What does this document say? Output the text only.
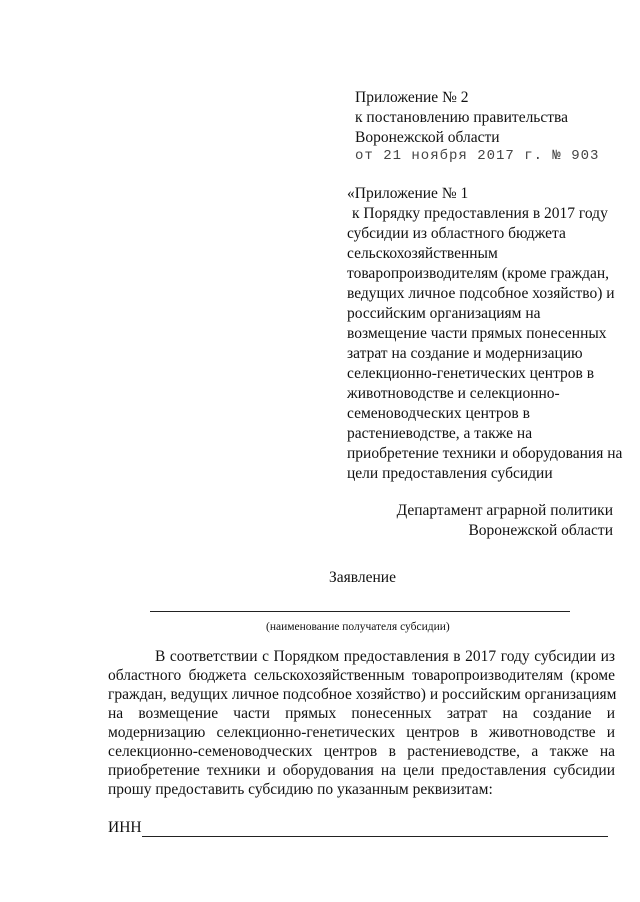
Приложение № 2
к постановлению правительства
Воронежской области
от 21 ноября 2017 г. № 903
«Приложение № 1
к Порядку предоставления в 2017 году
субсидии из областного бюджета
сельскохозяйственным
товаропроизводителям (кроме граждан,
ведущих личное подсобное хозяйство) и
российским организациям на
возмещение части прямых понесенных
затрат на создание и модернизацию
селекционно-генетических центров в
животноводстве и селекционно-
семеноводческих центров в
растениеводстве, а также на
приобретение техники и оборудования на
цели предоставления субсидии
Департамент аграрной политики
Воронежской области
Заявление
(наименование получателя субсидии)
В соответствии с Порядком предоставления в 2017 году субсидии из
областного бюджета сельскохозяйственным товаропроизводителям (кроме
граждан, ведущих личное подсобное хозяйство) и российским организациям
на возмещение части прямых понесенных затрат на создание и
модернизацию селекционно-генетических центров в животноводстве и
селекционно-семеноводческих центров в растениеводстве, а также на
приобретение техники и оборудования на цели предоставления субсидии
прошу предоставить субсидию по указанным реквизитам:
ИНН
